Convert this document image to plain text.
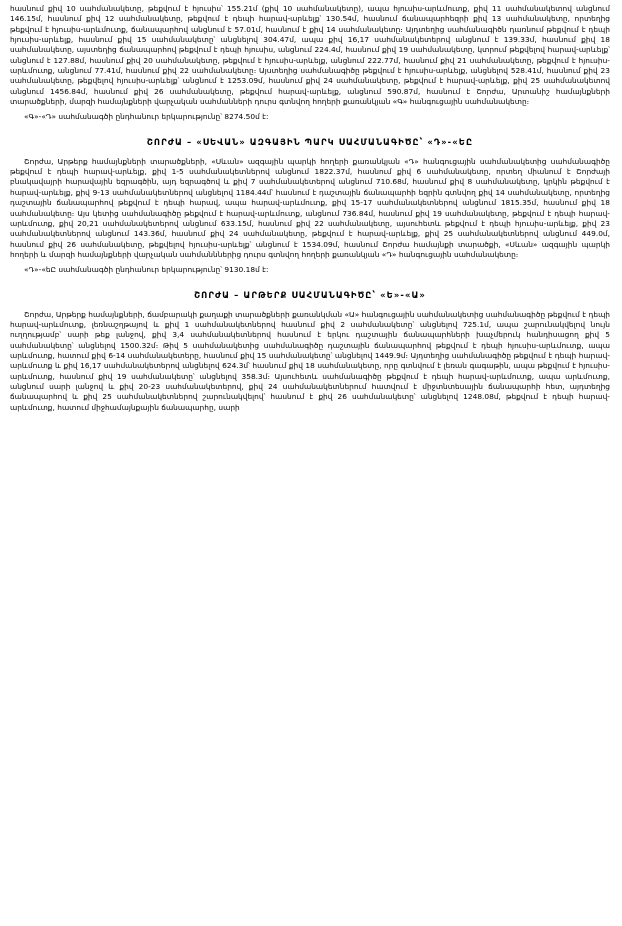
հասնում քիվ 10 սահմանակետը, թեքվում է հյուսիս՝ 155.21մ (քիվ 10 սահմանակետը), ապա հյուսիս-արևմուտք, քիվ 11 սահմանակետով անցնում 146.15մ, հասնում քիվ 12 սահմանակետը, թեքվում է դեպի հարավ-արևելք՝ 130.54մ, հասնում ճանապարհեզրի քիվ 13 սահմանակետը, որտեղից թեքվում է հյուսիս-արևմուտք, ճանապարհով անցնում է 57.01մ, հասնում է քիվ 14 սահմանակետը։ Այդտեղից սահմանագիծն դառնում թեքվում է դեպի հյուսիս-արևելք, հասնում քիվ 15 սահմանակետը՝ անցնելով 304.47մ, ապա քիվ 16,17 սահմանակետերով անցնում է 139.33մ, հասնում քիվ 18 սահմանակետը, այստեղից ճանապարհով թեքվում է դեպի հյուսիս, անցնում 224.4մ, հասնում քիվ 19 սահմանակետը, կտրում թեքվելով հարավ-արևելք՝ անցնում է 127.88մ, հասնում քիվ 20 սահմանակետը, թեքվում է հյուսիս-արևելք, անցնում 222.77մ, հասնում քիվ 21 սահմանակետը, թեքվում է հյուսիս-արևմուտք, անցնում 77.41մ, հասնում քիվ 22 սահմանակետը։ Այստեղից սահմանագիծը թեքվում է հյուսիս-արևելք, անցնելով 528.41մ, հասնում քիվ 23 սահմանակետը, թեքվելով հյուսիս-արևելք՝ անցնում է 1253.09մ, հասնում քիվ 24 սահմանակետը, թեքվում է հարավ-արևելք, քիվ 25 սահմանակետով անցնում 1456.84մ, հասնում քիվ 26 սահմանակետը, թեքվում հարավ-արևելք, անցնում 590.87մ, հասնում է Շորժա, Արտանիշ համայնքների տարածքների, մարզի համայնքների վարչական սահմանների դուրս գտնվող հողերի քառանկյան «Գ» հանգուցային սահմանակետը։

«Գ»-«Դ» սահմանագծի ընդհանուր երկարությունը՝ 8274.50մ է:

ՇՈՐԺԱ – «ՍԵՎԱՆ» ԱԶԳԱՅԻՆ ՊԱՐԿ ՍԱՀՄԱՆԱԳԻԾԸ՝ «Դ»-«ԵԸ

Շորժա, Արթերք համայնքների տարածքների, «Սևան» ազգային պարկի հողերի քառանկյան «Դ» հանգուցային սահմանակետից սահմանագիծը թեքվում է դեպի հարավ-արևելք, քիվ 1-5 սահմանակետներով անցնում 1822.37մ, հասնում քիվ 6 սահմանակետը, որտեղ միանում է Շորժայի բնակավայրի հարավային եզրագծին, այդ եզրագծով և քիվ 7 սահմանակետերով անցնում 710.68մ, հասնում քիվ 8 սահմանակետը, կրկին թեքվում է հարավ-արևելք, քիվ 9-13 սահմանակետներով անցնելով 1184.44մ՝ հասնում է դաշտային ճանապարհի եզրին գտնվող քիվ 14 սահմանակետը, որտեղից դաշտային ճանապարհով թեքվում է դեպի հարավ, ապա հարավ-արևմուտք, քիվ 15-17 սահմանակետներով անցնում 1815.35մ, հասնում քիվ 18 սահմանակետը։ Այս կետից սահմանագիծը թեքվում է հարավ-արևմուտք, անցնում 736.84մ, հասնում քիվ 19 սահմանակետը, թեքվում է դեպի հարավ-արևմուտք, քիվ 20,21 սահմանակետերով անցնում 633.15մ, հասնում քիվ 22 սահմանակետը, այսուհետև թեքվում է դեպի հյուսիս-արևելք, քիվ 23 սահմանակետներով անցնում 143.36մ, հասնում քիվ 24 սահմանակետը, թեքվում է հարավ-արևելք, քիվ 25 սահմանակետներով անցնում 449.0մ, հասնում քիվ 26 սահմանակետը, թեքվելով հյուսիս-արևելք՝ անցնում է 1534.09մ, հասնում Շորժա համայնքի տարածքի, «Սևան» ազգային պարկի հողերի և մարզի համայնքների վարչական սահմանններից դուրս գտնվող հողերի քառանկյան «Դ» հանգուցային սահմանակետը։

«Դ»-«եԸ սահմանագծի ընդհանուր երկարությունը՝ 9130.18մ է:

ՇՈՐԺԱ – ԱՐԹԵՐՔ ՍԱՀՄԱՆԱԳԻԾԸ՝ «Ե»-«Ա»

Շորժա, Արթերք համայնքների, ճամբարակի քաղաքի տարածքների քառանկման «Ա» հանգուցային սահմանակետից սահմանագիծը թեքվում է դեպի հարավ-արևմուտք, լեռնաշղթայով և քիվ 1 սահմանակետներով հասնում քիվ 2 սահմանակետը՝ անցնելով 725.1մ, ապա շարունակվելով նույն ուղղությամբ՝ սարի թեք լանջով, քիվ 3,4 սահմանակետներով հասնում է երկու դաշտային ճանապարհների խաչմերուկ հանդիսացող քիվ 5 սահմանակետը՝ անցնելով 1500.32մ։ Թիվ 5 սահմանակետից սահմանագիծը դաշտային ճանապարհով թեքվում է դեպի հյուսիս-արևմուտք, ապա արևմուտք, հատում քիվ 6-14 սահմանակետերը, հասնում քիվ 15 սահմանակետը՝ անցնելով 1449.9մ։ Այդտեղից սահմանագիծը թեքվում է դեպի հարավ-արևմուտք և քիվ 16,17 սահմանակետերով անցնելով 624.3մ՝ հասնում քիվ 18 սահմանակետը, որը գտնվում է լեռան գագաթին, ապա թեքվում է հյուսիս-արևմուտք, հասնում քիվ 19 սահմանակետը՝ անցնելով 358.3մ։ Այսուհետև սահմանագիծը թեքվում է դեպի հարավ-արևմուտք, ապա արևմուտք, անցնում սարի լանջով և քիվ 20-23 սահմանակետերով, քիվ 24 սահմանակետներում հատվում է միջտնտեսային ճանապարհի հետ, այդտեղից ճանապարհով և քիվ 25 սահմանակետներով շարունակվելով՝ հասնում է քիվ 26 սահմանակետը՝ անցնելով 1248.08մ, թեքվում է դեպի հարավ-արևմուտք, հատում միջհամայնքային ճանապարհը, սարի
